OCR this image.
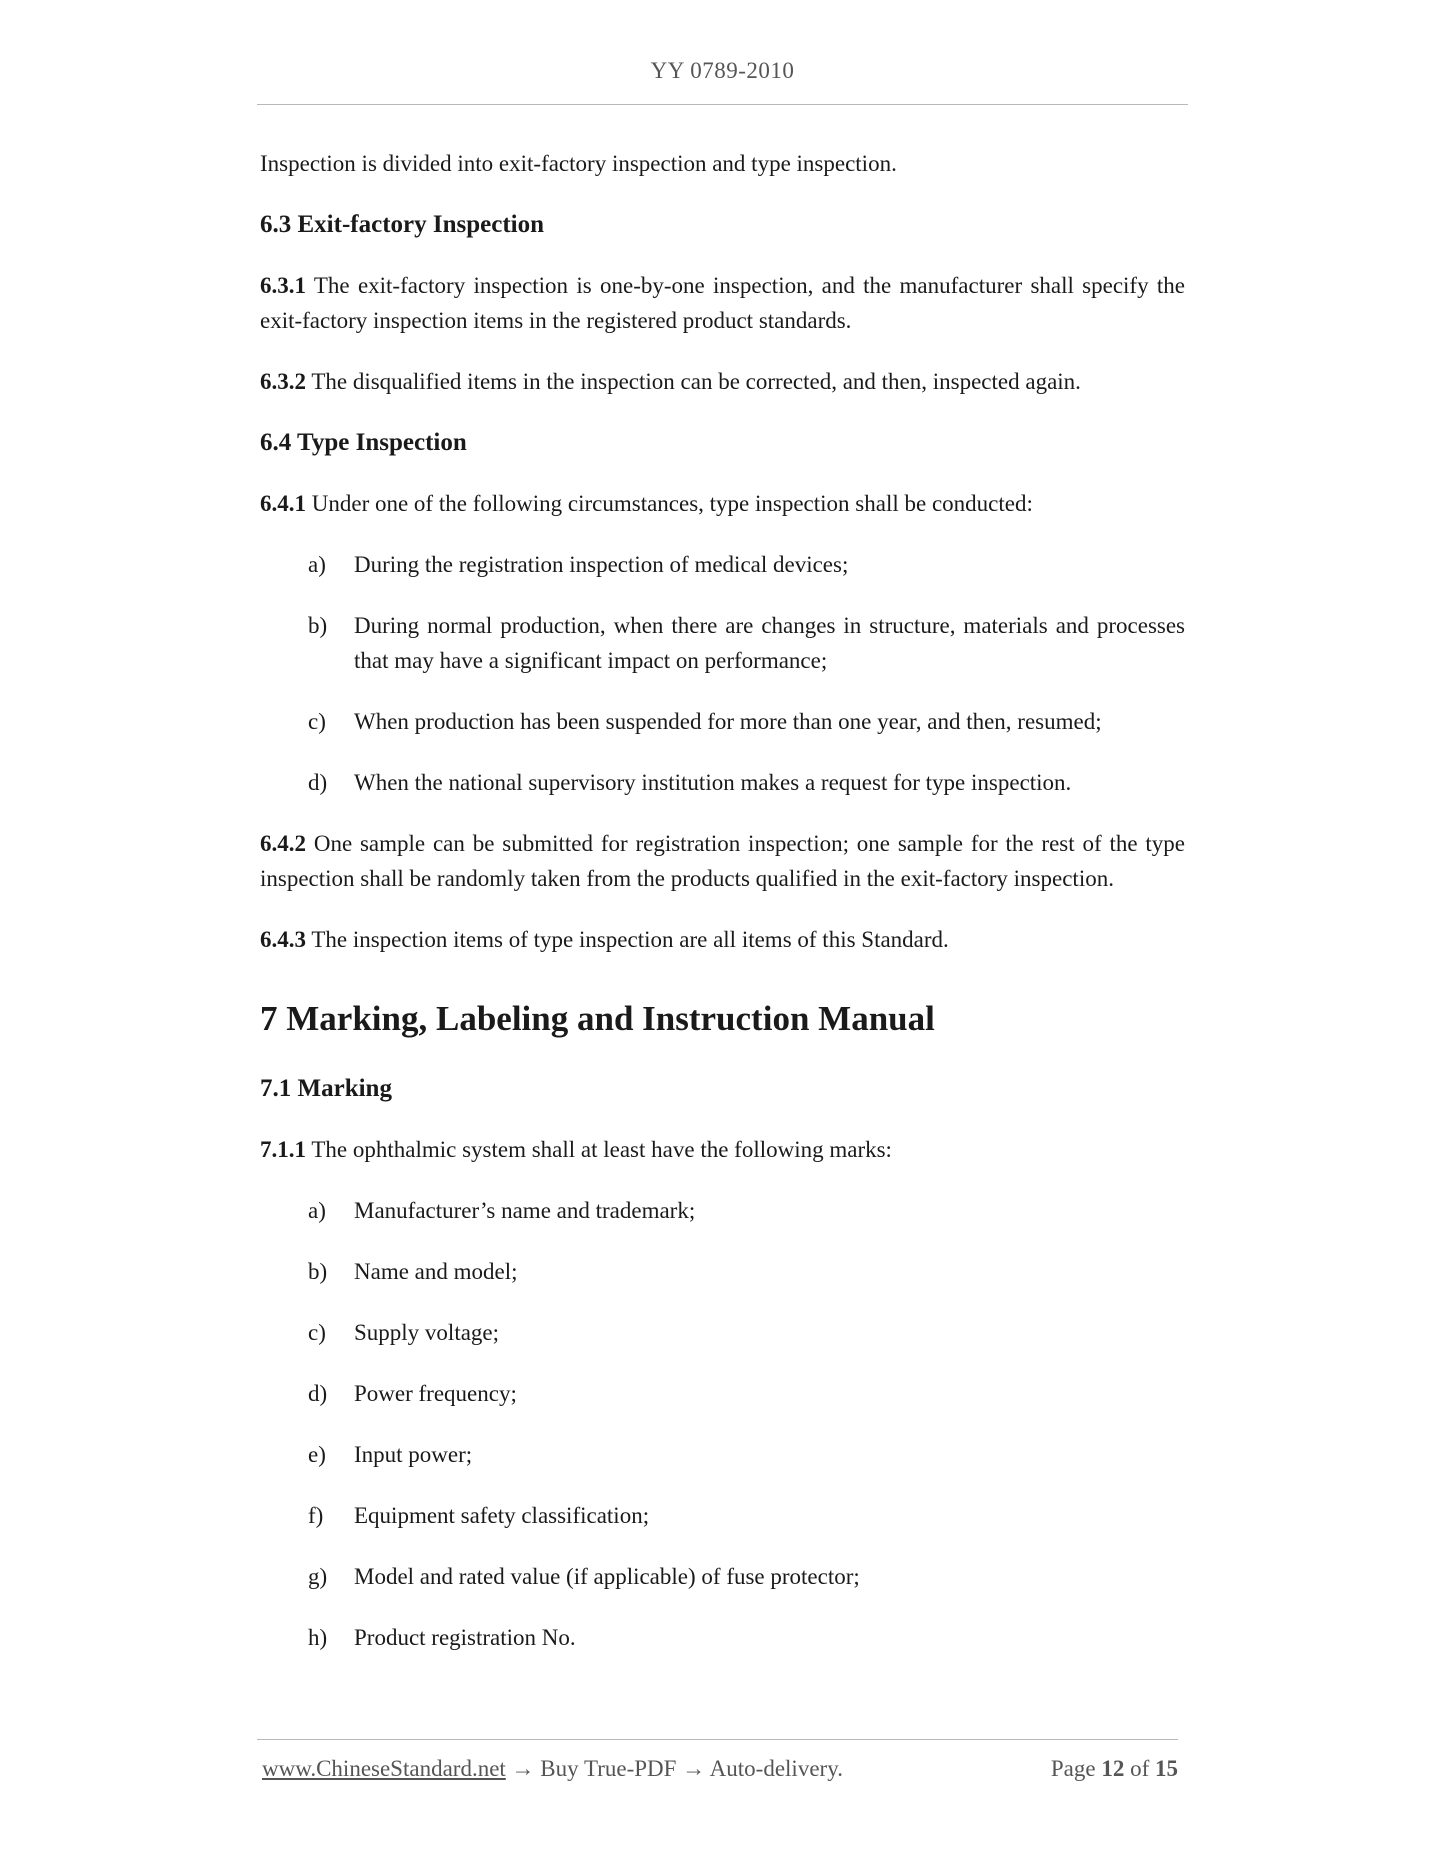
YY 0789-2010

Inspection is divided into exit-factory inspection and type inspection.

6.3 Exit-factory Inspection

6.3.1 The exit-factory inspection is one-by-one inspection, and the manufacturer shall specify the exit-factory inspection items in the registered product standards.

6.3.2 The disqualified items in the inspection can be corrected, and then, inspected again.

6.4 Type Inspection

6.4.1 Under one of the following circumstances, type inspection shall be conducted:

a) During the registration inspection of medical devices;
b) During normal production, when there are changes in structure, materials and processes that may have a significant impact on performance;
c) When production has been suspended for more than one year, and then, resumed;
d) When the national supervisory institution makes a request for type inspection.

6.4.2 One sample can be submitted for registration inspection; one sample for the rest of the type inspection shall be randomly taken from the products qualified in the exit-factory inspection.

6.4.3 The inspection items of type inspection are all items of this Standard.

7 Marking, Labeling and Instruction Manual
7.1 Marking

7.1.1 The ophthalmic system shall at least have the following marks:

a) Manufacturer’s name and trademark;
b) Name and model;
c) Supply voltage;
d) Power frequency;
e) Input power;
f) Equipment safety classification;
g) Model and rated value (if applicable) of fuse protector;
h) Product registration No.
www.ChineseStandard.net → Buy True-PDF → Auto-delivery.	Page 12 of 15
